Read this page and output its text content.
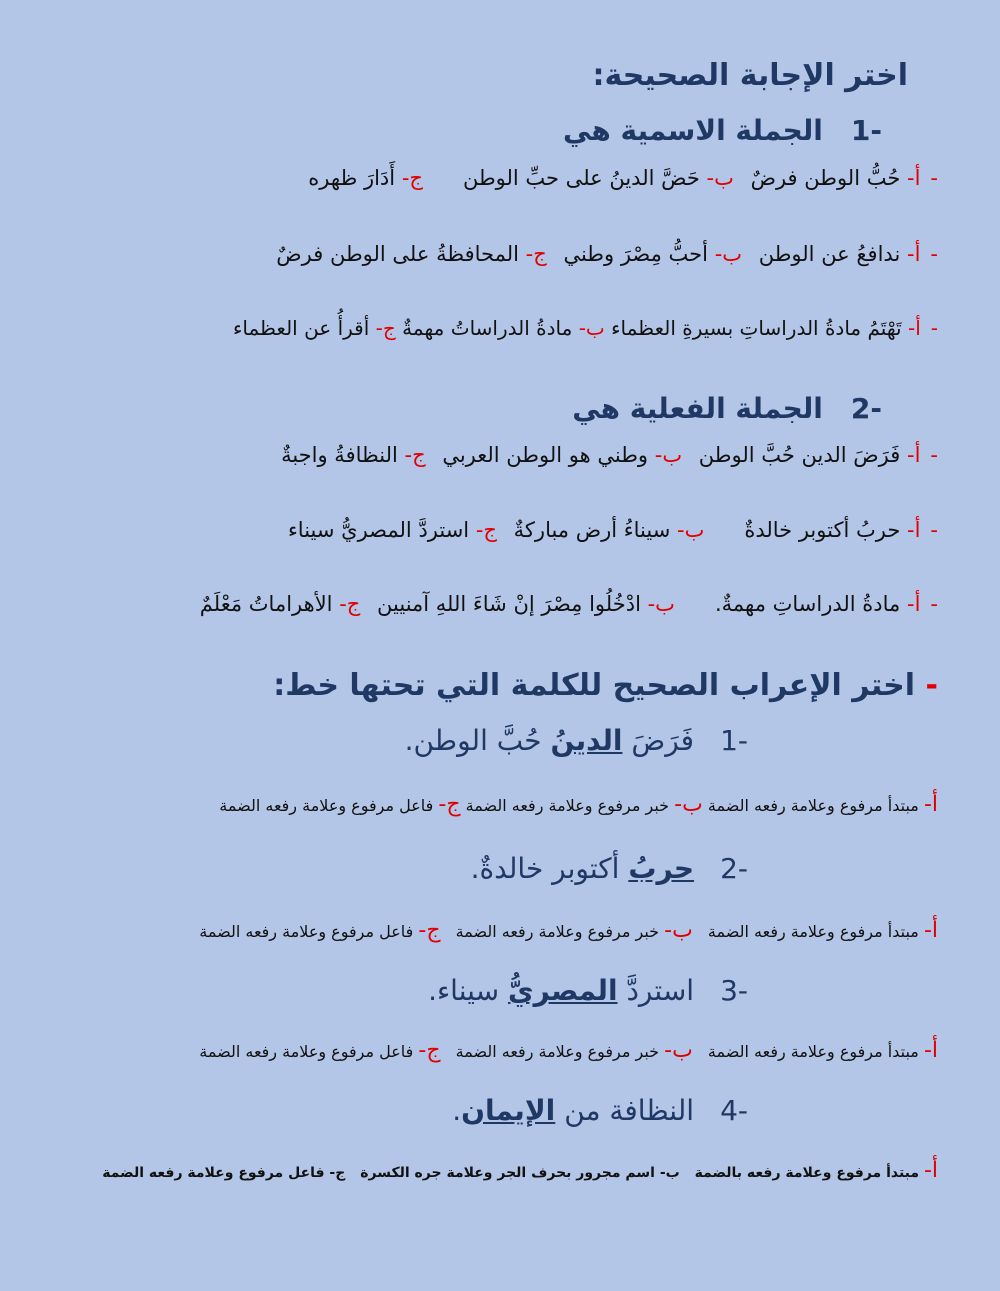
اختر الإجابة الصحيحة:
-1الجملة الاسمية هي
-أ- حُبُّ الوطن فرضٌ ب- حَضَّ الدينُ على حبِّ الوطنج- أَدَارَ ظهره
-أ- ندافعُ عن الوطن ب- أحبُّ مِصْرَ وطني ج- المحافظةُ على الوطن فرضٌ
-أ- تَهْتَمُ مادةُ الدراساتِ بسيرةِ العظماء ب- مادةُ الدراساتُ مهمةٌ ج- أقرأُ عن العظماء
-2الجملة الفعلية هي
-أ- فَرَضَ الدين حُبَّ الوطن ب- وطني هو الوطن العربي ج- النظافةُ واجبةٌ
-أ- حربُ أكتوبر خالدةٌب- سيناءُ أرض مباركةٌ ج- استردَّ المصريُّ سيناء
-أ- مادةُ الدراساتِ مهمةٌ.ب- ادْخُلُوا مِصْرَ إنْ شَاءَ اللهِ آمنيين ج- الأهراماتُ مَعْلَمٌ
- اختر الإعراب الصحيح للكلمة التي تحتها خط:
-1فَرَضَ الدينُ حُبَّ الوطن.
أ- مبتدأ مرفوع وعلامة رفعه الضمة ب- خبر مرفوع وعلامة رفعه الضمة ج- فاعل مرفوع وعلامة رفعه الضمة
-2حربُ أكتوبر خالدةٌ.
أ- مبتدأ مرفوع وعلامة رفعه الضمة ب- خبر مرفوع وعلامة رفعه الضمة ج- فاعل مرفوع وعلامة رفعه الضمة
-3استردَّ المصريُّ سيناء.
أ- مبتدأ مرفوع وعلامة رفعه الضمة ب- خبر مرفوع وعلامة رفعه الضمة ج- فاعل مرفوع وعلامة رفعه الضمة
-4النظافة من الإيمان.
أ- مبتدأ مرفوع وعلامة رفعه بالضمة ب- اسم مجرور بحرف الجر وعلامة جره الكسرة ج- فاعل مرفوع وعلامة رفعه الضمة
